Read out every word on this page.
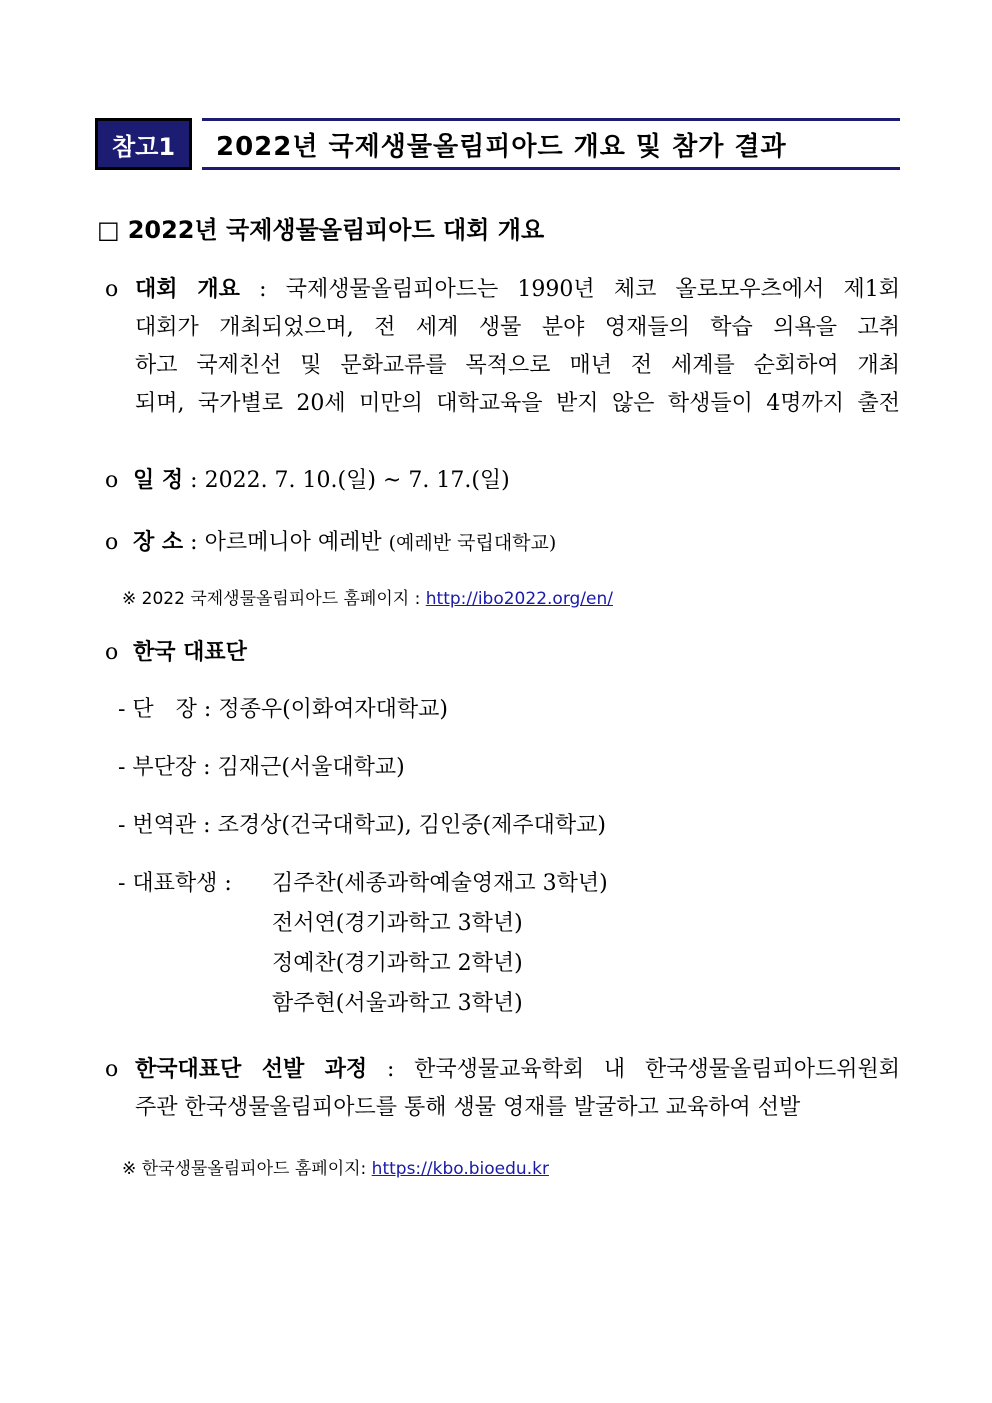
참고1	2022년 국제생물올림피아드 개요 및 참가 결과
□ 2022년 국제생물올림피아드 대회 개요
o 대회 개요 : 국제생물올림피아드는 1990년 체코 올로모우츠에서 제1회
대회가 개최되었으며, 전 세계 생물 분야 영재들의 학습 의욕을 고취
하고 국제친선 및 문화교류를 목적으로 매년 전 세계를 순회하여 개최
되며, 국가별로 20세 미만의 대학교육을 받지 않은 학생들이 4명까지 출전
o 일 정 : 2022. 7. 10.(일) ~ 7. 17.(일)
o 장 소 : 아르메니아 예레반 (예레반 국립대학교)
※ 2022 국제생물올림피아드 홈페이지 : http://ibo2022.org/en/
o 한국 대표단
- 단　장 : 정종우(이화여자대학교)
- 부단장 : 김재근(서울대학교)
- 번역관 : 조경상(건국대학교), 김인중(제주대학교)
- 대표학생 : 김주찬(세종과학예술영재고 3학년)
전서연(경기과학고 3학년)
정예찬(경기과학고 2학년)
함주현(서울과학고 3학년)
o 한국대표단 선발 과정 : 한국생물교육학회 내 한국생물올림피아드위원회
주관 한국생물올림피아드를 통해 생물 영재를 발굴하고 교육하여 선발
※ 한국생물올림피아드 홈페이지: https://kbo.bioedu.kr
